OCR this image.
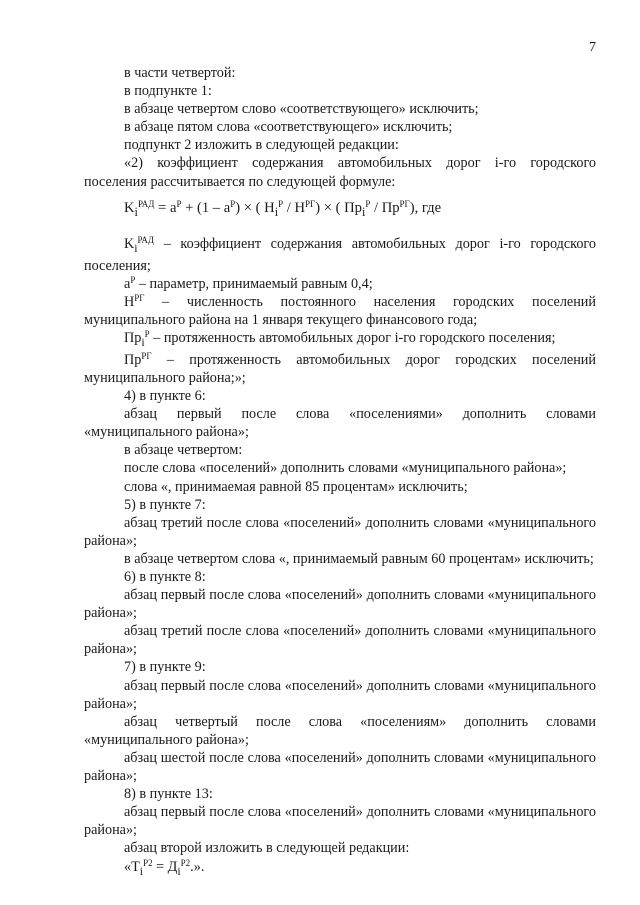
7

в части четвертой:

в подпункте 1:

в абзаце четвертом слово «соответствующего» исключить;

в абзаце пятом слова «соответствующего» исключить;

подпункт 2 изложить в следующей редакции:

«2) коэффициент содержания автомобильных дорог i-го городского поселения рассчитывается по следующей формуле:

$K_i^{РАД} = a^Р + (1 - a^Р)$ × ( $H_i^Р / H^{РГ}$) × ( $Пр_i^Р / Пр^{РГ}$), где

$K_i^{РАД}$ – коэффициент содержания автомобильных дорог i-го городского поселения;

$a^Р$ – параметр, принимаемый равным 0,4;

$H^{РГ}$ – численность постоянного населения городских поселений муниципального района на 1 января текущего финансового года;

$Пр_i^Р$ – протяженность автомобильных дорог i-го городского поселения;

$Пр^{РГ}$ – протяженность автомобильных дорог городских поселений муниципального района;»;

4) в пункте 6:

абзац первый после слова «поселениями» дополнить словами «муниципального района»;

в абзаце четвертом:

после слова «поселений» дополнить словами «муниципального района»;

слова «, принимаемая равной 85 процентам» исключить;

5) в пункте 7:

абзац третий после слова «поселений» дополнить словами «муниципального района»;

в абзаце четвертом слова «, принимаемый равным 60 процентам» исключить;

6) в пункте 8:

абзац первый после слова «поселений» дополнить словами «муниципального района»;

абзац третий после слова «поселений» дополнить словами «муниципального района»;

7) в пункте 9:

абзац первый после слова «поселений» дополнить словами «муниципального района»;

абзац четвертый после слова «поселениям» дополнить словами «муниципального района»;

абзац шестой после слова «поселений» дополнить словами «муниципального района»;

8) в пункте 13:

абзац первый после слова «поселений» дополнить словами «муниципального района»;

абзац второй изложить в следующей редакции:

«$T_i^{Р2} = Д_i^{Р2}$.».
